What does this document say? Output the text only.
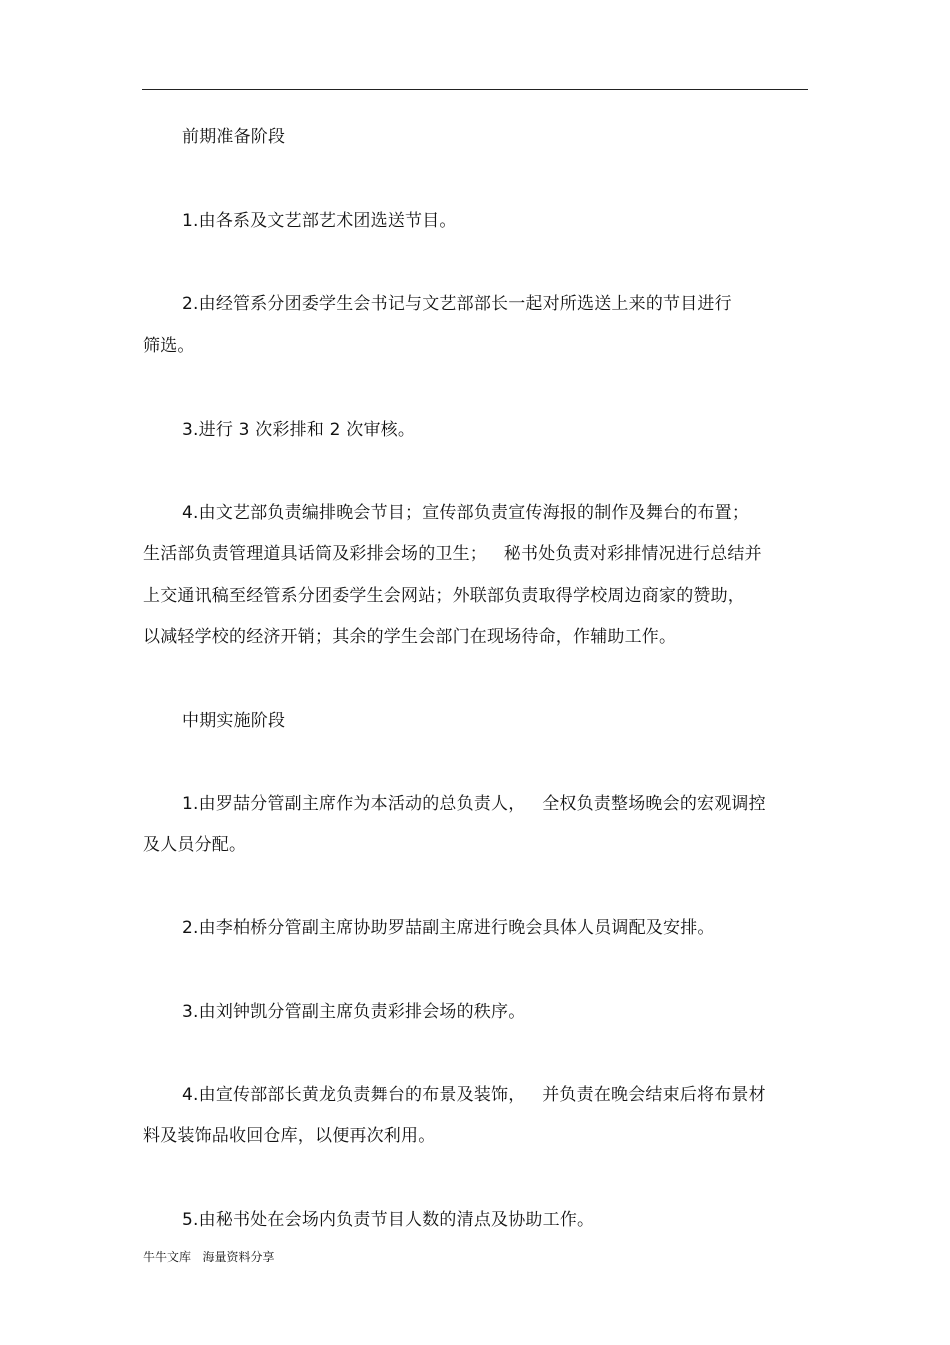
前期准备阶段
1.由各系及文艺部艺术团选送节目。
2.由经管系分团委学生会书记与文艺部部长一起对所选送上来的节目进行
筛选。
3.进行 3 次彩排和 2 次审核。
4.由文艺部负责编排晚会节目；宣传部负责宣传海报的制作及舞台的布置；
生活部负责管理道具话筒及彩排会场的卫生；   秘书处负责对彩排情况进行总结并
上交通讯稿至经管系分团委学生会网站；外联部负责取得学校周边商家的赞助，
以减轻学校的经济开销；其余的学生会部门在现场待命，作辅助工作。
中期实施阶段
1.由罗喆分管副主席作为本活动的总负责人，   全权负责整场晚会的宏观调控
及人员分配。
2.由李柏桥分管副主席协助罗喆副主席进行晚会具体人员调配及安排。
3.由刘钟凯分管副主席负责彩排会场的秩序。
4.由宣传部部长黄龙负责舞台的布景及装饰，   并负责在晚会结束后将布景材
料及装饰品收回仓库，以便再次利用。
5.由秘书处在会场内负责节目人数的清点及协助工作。
牛牛文库   海量资料分享
